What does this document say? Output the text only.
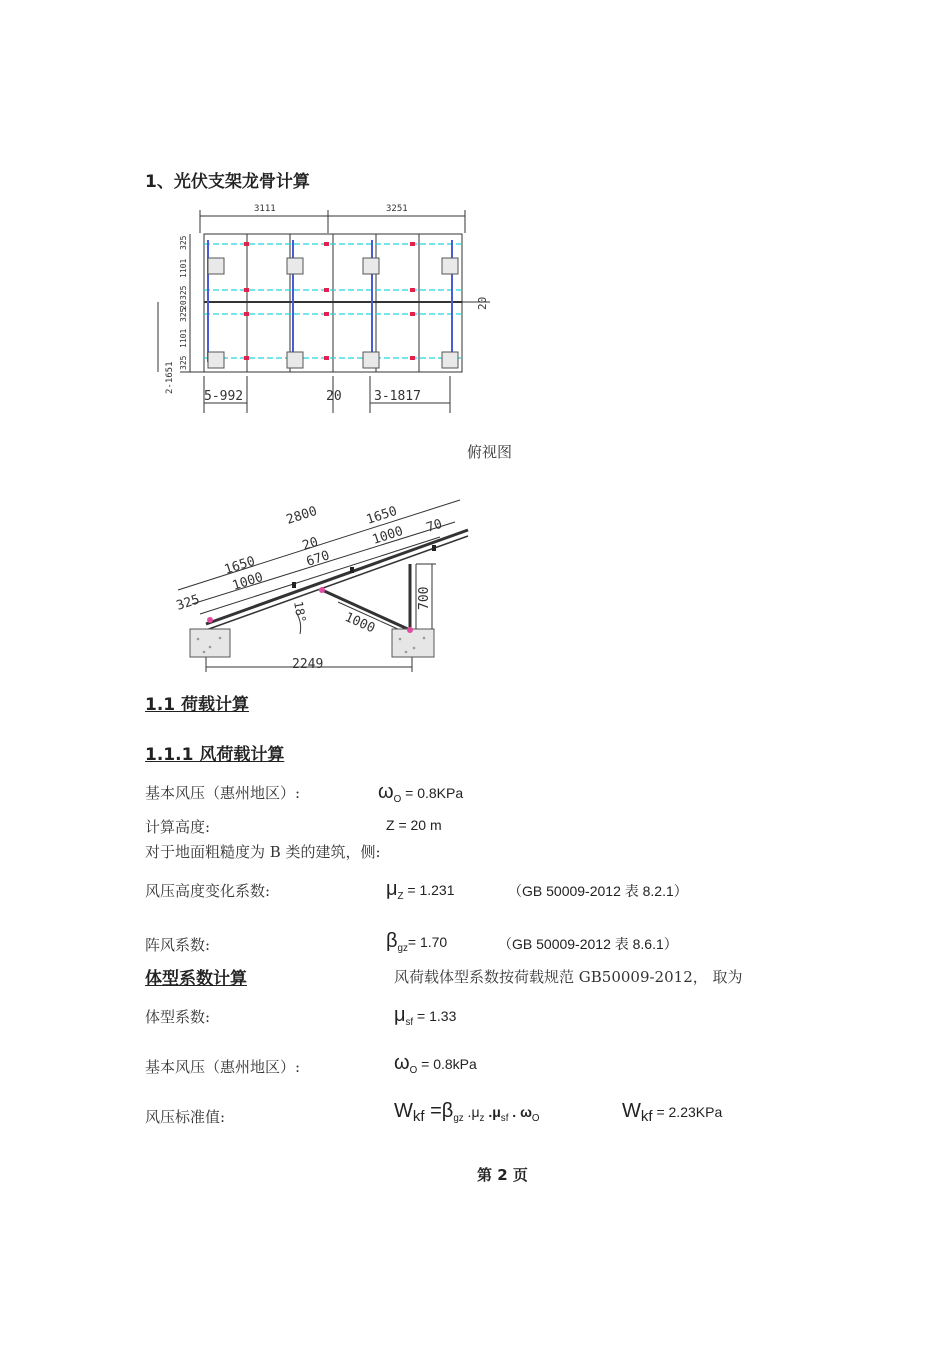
1、光伏支架龙骨计算
3111	3251
2-1651
325
1101
325
20
325
1101
325
20
5-992	20 3-1817
俯视图
2800	1650 70
20	1000
1650	670
1000
325	700
18°	1000
2249
1.1 荷载计算
1.1.1 风荷载计算
基本风压（惠州地区）:	$\omega_O = 0.8KPa$
计算高度:	Z = 20 m
对于地面粗糙度为 B 类的建筑，侧:
风压高度变化系数:	$\mu_Z = 1.231$	（GB 50009-2012 表 8.2.1）
阵风系数:	$\beta_{gz}= 1.70$	（GB 50009-2012 表 8.6.1）
体型系数计算	风荷载体型系数按荷载规范 GB50009-2012， 取为
体型系数:	$\mu_{sf} = 1.33$
基本风压（惠州地区）:	$\omega_O = 0.8kPa$
风压标准值:	$W_{kf} =\beta_{gz}$ $.\mu_z$ $.\mu_{sf}$ . $\omega_O$	$W_{kf} = 2.23KPa$
第 2 页
